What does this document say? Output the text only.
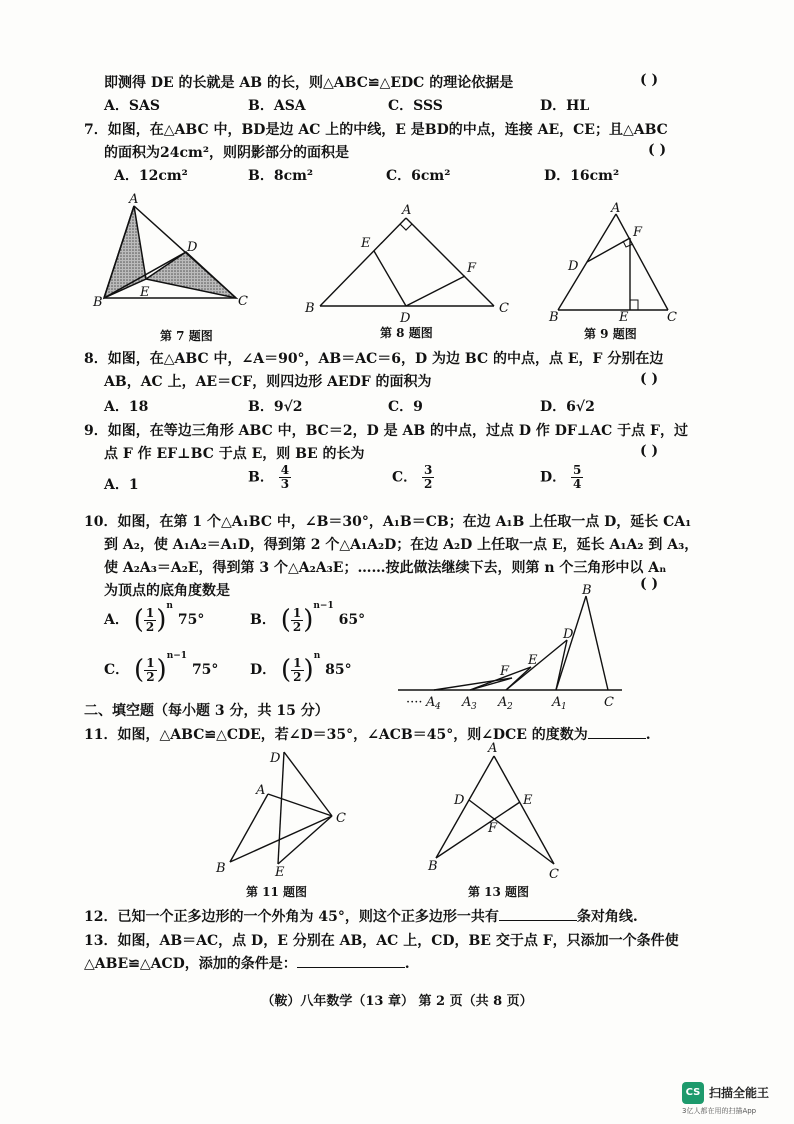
即测得 DE 的长就是 AB 的长，则△ABC≌△EDC 的理论依据是	( )
A．SAS	B．ASA	C．SSS	D．HL
7．如图，在△ABC 中，BD是边 AC 上的中线，E 是BD的中点，连接 AE，CE；且△ABC
的面积为24cm²，则阴影部分的面积是	( )
A．12cm²	B．8cm²	C．6cm²	D．16cm²
A
D
E
B	C
第 7 题图
A
E
F
B
D
C
第 8 题图
A
F
D
B	E	C
第 9 题图
8．如图，在△ABC 中，∠A＝90°，AB＝AC＝6，D 为边 BC 的中点，点 E，F 分别在边
AB，AC 上，AE＝CF，则四边形 AEDF 的面积为	( )
A．18	B．9√2	C．9	D．6√2
9．如图，在等边三角形 ABC 中，BC＝2，D 是 AB 的中点，过点 D 作 DF⊥AC 于点 F，过
点 F 作 EF⊥BC 于点 E，则 BE 的长为	( )
A．1	B． $\frac{4}{3}$	C． $\frac{3}{2}$	D． $\frac{5}{4}$
10．如图，在第 1 个△A₁BC 中，∠B＝30°，A₁B＝CB；在边 A₁B 上任取一点 D，延长 CA₁
到 A₂，使 A₁A₂＝A₁D，得到第 2 个△A₁A₂D；在边 A₂D 上任取一点 E，延长 A₁A₂ 到 A₃，
使 A₂A₃＝A₂E，得到第 3 个△A₂A₃E；……按此做法继续下去，则第 n 个三角形中以 Aₙ
为顶点的底角度数是	( )
A． ( $\frac{1}{2} )^n$ 75°	B． ( $\frac{1}{2} )^{n-1}$ 65°
C． ( $\frac{1}{2} )^{n-1}$ 75° D． ( $\frac{1}{2} )^n$ 85°
B
D
E
F
···· A 4 A 3 A 2	A 1	C
二、填空题（每小题 3 分，共 15 分）
11．如图，△ABC≌△CDE，若∠D＝35°，∠ACB＝45°，则∠DCE 的度数为	.
D
A
C
B	E
第 11 题图
A
D	E
F
B
C
第 13 题图
12．已知一个正多边形的一个外角为 45°，则这个正多边形一共有	条对角线.
13．如图，AB＝AC，点 D，E 分别在 AB，AC 上，CD，BE 交于点 F，只添加一个条件使
△ABE≌△ACD，添加的条件是：	.
（鞍）八年数学（13 章） 第 2 页（共 8 页）
CS 扫描全能王
3亿人都在用的扫描App
